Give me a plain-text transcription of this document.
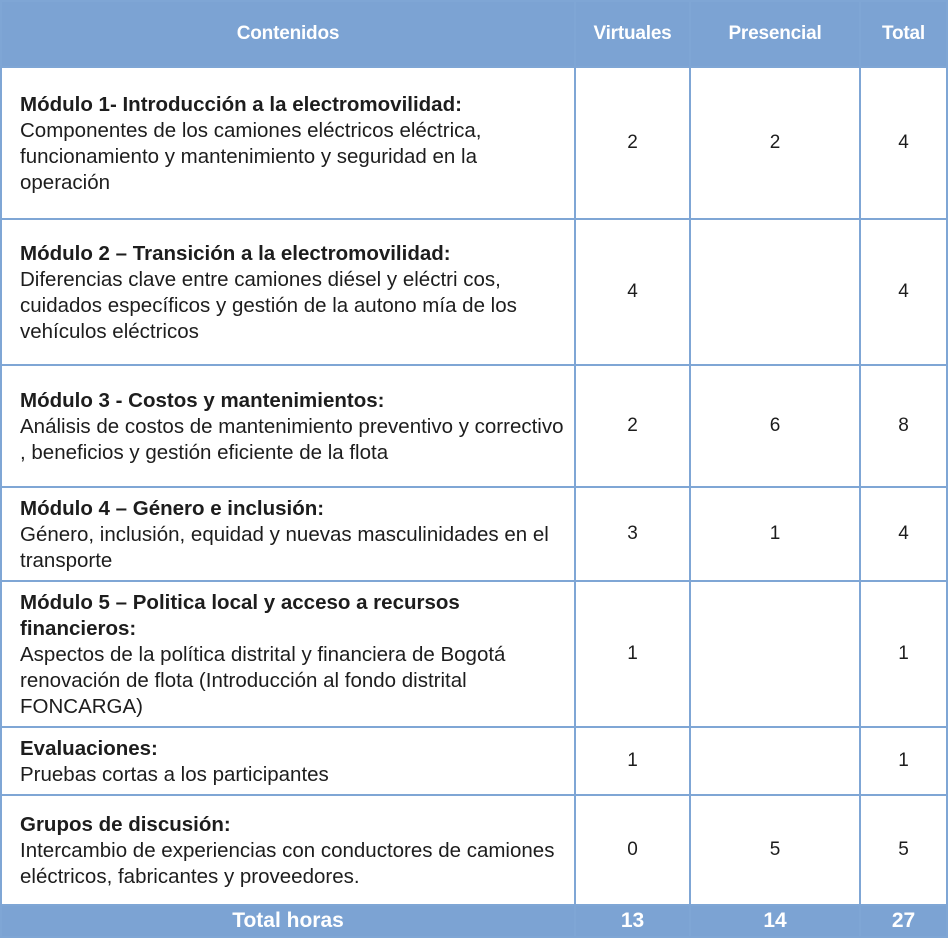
Contenidos	Virtuales	Presencial	Total

Módulo 1- Introducción a la electromovilidad:
Componentes de los camiones eléctricos eléctrica, funcionamiento y mantenimiento y seguridad en la operación	2	2	4

Módulo 2 – Transición a la electromovilidad:
Diferencias clave entre camiones diésel y eléctri cos, cuidados específicos y gestión de la autono mía de los vehículos eléctricos	4		4

Módulo 3 - Costos y mantenimientos:
Análisis de costos de mantenimiento preventivo y correctivo , beneficios y gestión eficiente de la flota	2	6	8

Módulo 4 – Género e inclusión:
Género, inclusión, equidad y nuevas masculinidades en el transporte	3	1	4

Módulo 5 – Politica local y acceso a recursos financieros:
Aspectos de la política distrital y financiera de Bogotá renovación de flota (Introducción al fondo distrital FONCARGA)	1		1

Evaluaciones:
Pruebas cortas a los participantes	1		1

Grupos de discusión:
Intercambio de experiencias con conductores de camiones eléctricos, fabricantes y proveedores.	0	5	5
Total horas	13	14	27
